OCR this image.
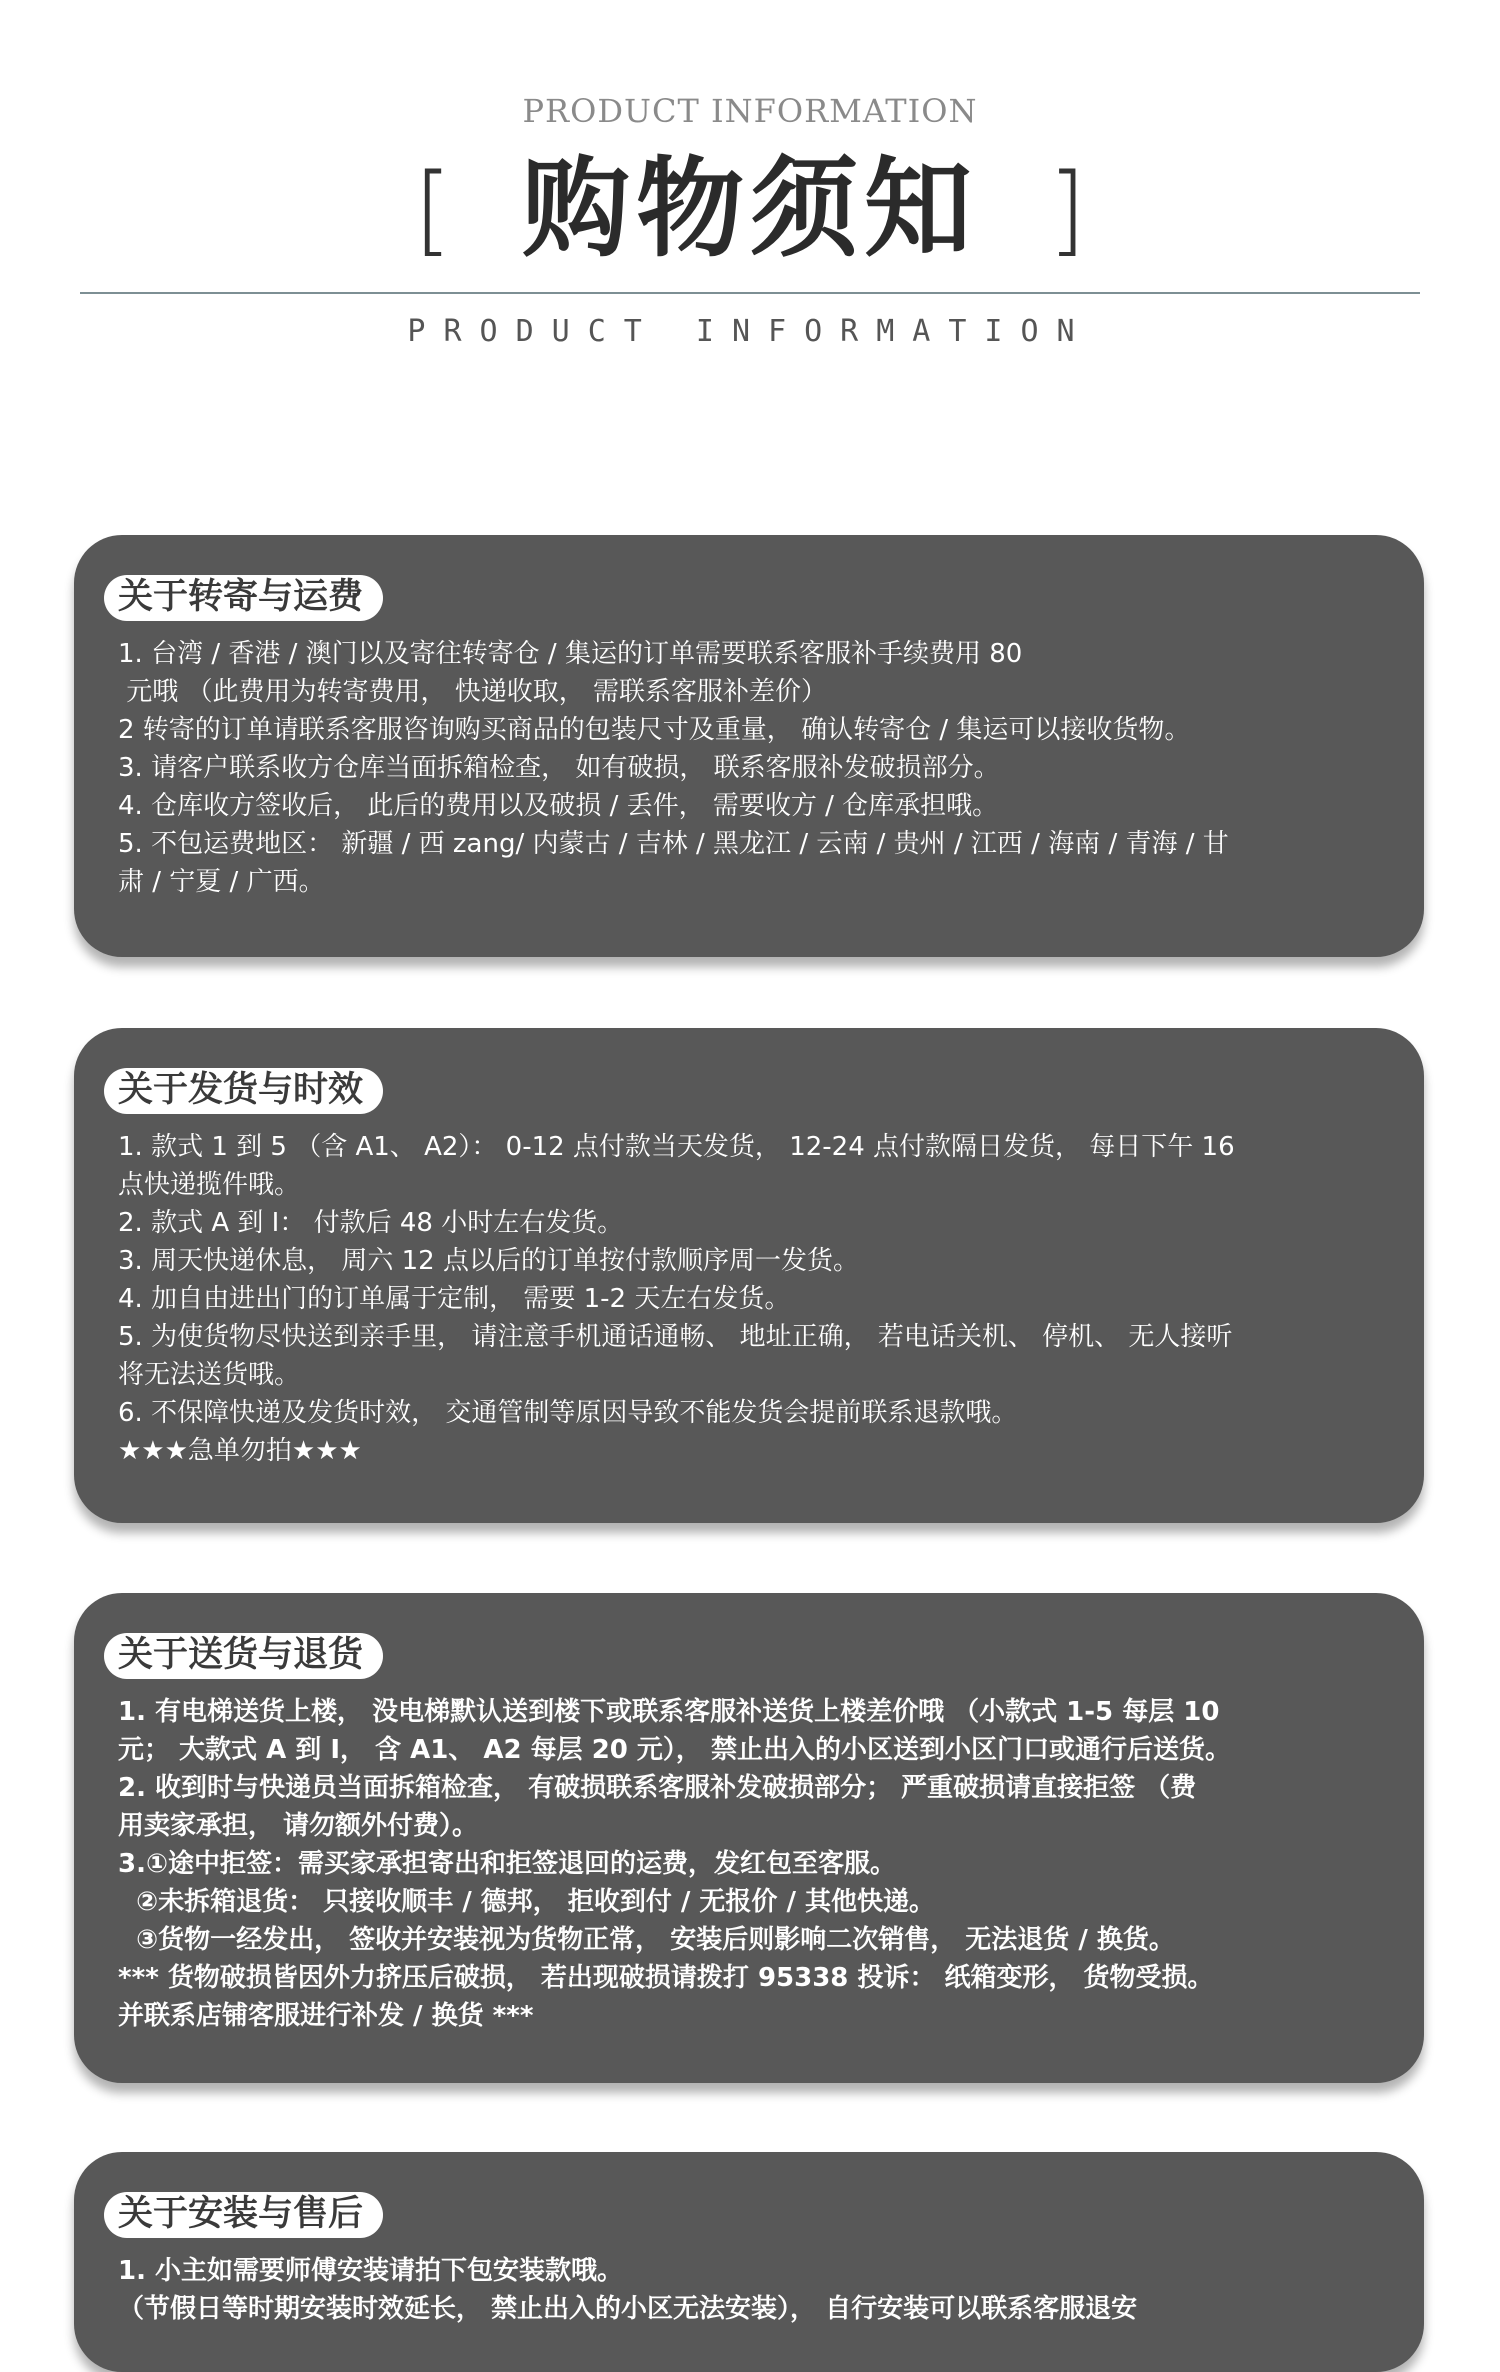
PRODUCT INFORMATION
[ 购物须知 ]
PRODUCT INFORMATION
关于转寄与运费
1. 台湾 / 香港 / 澳门以及寄往转寄仓 / 集运的订单需要联系客服补手续费用 80
元哦 （此费用为转寄费用， 快递收取， 需联系客服补差价）
2 转寄的订单请联系客服咨询购买商品的包装尺寸及重量， 确认转寄仓 / 集运可以接收货物。
3. 请客户联系收方仓库当面拆箱检查， 如有破损， 联系客服补发破损部分。
4. 仓库收方签收后， 此后的费用以及破损 / 丢件， 需要收方 / 仓库承担哦。
5. 不包运费地区： 新疆 / 西 zang/ 内蒙古 / 吉林 / 黑龙江 / 云南 / 贵州 / 江西 / 海南 / 青海 / 甘
肃 / 宁夏 / 广西。
关于发货与时效
1. 款式 1 到 5 （含 A1、 A2）： 0-12 点付款当天发货， 12-24 点付款隔日发货， 每日下午 16
点快递揽件哦。
2. 款式 A 到 I： 付款后 48 小时左右发货。
3. 周天快递休息， 周六 12 点以后的订单按付款顺序周一发货。
4. 加自由进出门的订单属于定制， 需要 1-2 天左右发货。
5. 为使货物尽快送到亲手里， 请注意手机通话通畅、 地址正确， 若电话关机、 停机、 无人接听
将无法送货哦。
6. 不保障快递及发货时效， 交通管制等原因导致不能发货会提前联系退款哦。
★★★急单勿拍★★★
关于送货与退货
1. 有电梯送货上楼， 没电梯默认送到楼下或联系客服补送货上楼差价哦 （小款式 1-5 每层 10
元； 大款式 A 到 I， 含 A1、 A2 每层 20 元）， 禁止出入的小区送到小区门口或通行后送货。
2. 收到时与快递员当面拆箱检查， 有破损联系客服补发破损部分； 严重破损请直接拒签 （费
用卖家承担， 请勿额外付费）。
3.①途中拒签：需买家承担寄出和拒签退回的运费，发红包至客服。
②未拆箱退货： 只接收顺丰 / 德邦， 拒收到付 / 无报价 / 其他快递。
③货物一经发出， 签收并安装视为货物正常， 安装后则影响二次销售， 无法退货 / 换货。
*** 货物破损皆因外力挤压后破损， 若出现破损请拨打 95338 投诉： 纸箱变形， 货物受损。
并联系店铺客服进行补发 / 换货 ***
关于安装与售后
1. 小主如需要师傅安装请拍下包安装款哦。
（节假日等时期安装时效延长， 禁止出入的小区无法安装）， 自行安装可以联系客服退安
